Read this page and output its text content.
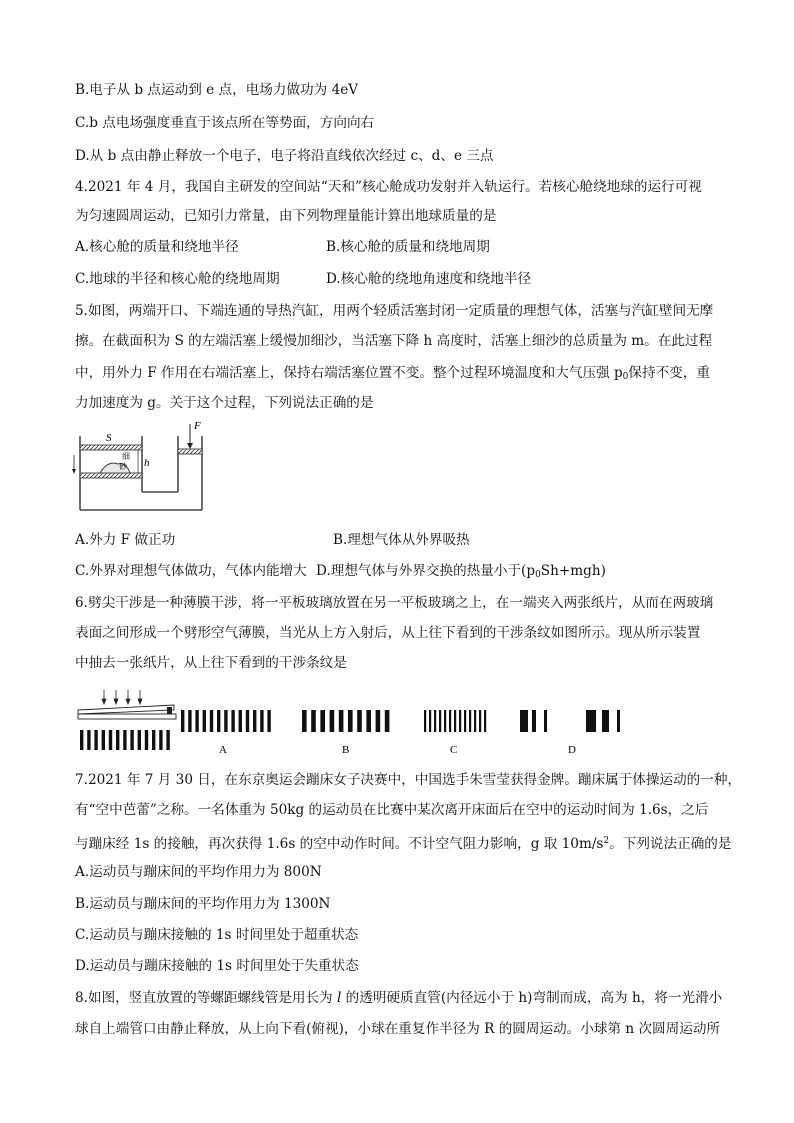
B.电子从 b 点运动到 e 点，电场力做功为 4eV
C.b 点电场强度垂直于该点所在等势面，方向向右
D.从 b 点由静止释放一个电子，电子将沿直线依次经过 c、d、e 三点
4.2021 年 4 月，我国自主研发的空间站“天和”核心舱成功发射并入轨运行。若核心舱绕地球的运行可视
为匀速圆周运动，已知引力常量，由下列物理量能计算出地球质量的是
A.核心舱的质量和绕地半径	B.核心舱的质量和绕地周期
C.地球的半径和核心舱的绕地周期	D.核心舱的绕地角速度和绕地半径
5.如图，两端开口、下端连通的导热汽缸，用两个轻质活塞封闭一定质量的理想气体，活塞与汽缸壁间无摩
擦。在截面积为 S 的左端活塞上缓慢加细沙，当活塞下降 h 高度时，活塞上细沙的总质量为 m。在此过程
中，用外力 F 作用在右端活塞上，保持右端活塞位置不变。整个过程环境温度和大气压强 $p_0$保持不变，重
力加速度为 g。关于这个过程，下列说法正确的是
F
S
h
细
砂
A.外力 F 做正功	B.理想气体从外界吸热
C.外界对理想气体做功，气体内能增大 D.理想气体与外界交换的热量小于$(p_0Sh+mgh)$
6.劈尖干涉是一种薄膜干涉，将一平板玻璃放置在另一平板玻璃之上，在一端夹入两张纸片，从而在两玻璃
表面之间形成一个劈形空气薄膜，当光从上方入射后，从上往下看到的干涉条纹如图所示。现从所示装置
中抽去一张纸片，从上往下看到的干涉条纹是
A	B	C	D
7.2021 年 7 月 30 日，在东京奥运会蹦床女子决赛中，中国选手朱雪莹获得金牌。蹦床属于体操运动的一种，
有“空中芭蕾”之称。一名体重为 50kg 的运动员在比赛中某次离开床面后在空中的运动时间为 1.6s，之后
与蹦床经 1s 的接触，再次获得 1.6s 的空中动作时间。不计空气阻力影响，g 取 $10m/s^2$。下列说法正确的是
A.运动员与蹦床间的平均作用力为 800N
B.运动员与蹦床间的平均作用力为 1300N
C.运动员与蹦床接触的 1s 时间里处于超重状态
D.运动员与蹦床接触的 1s 时间里处于失重状态
8.如图，竖直放置的等螺距螺线管是用长为 l 的透明硬质直管(内径远小于 h)弯制而成，高为 h，将一光滑小
球自上端管口由静止释放，从上向下看(俯视)，小球在重复作半径为 R 的圆周运动。小球第 n 次圆周运动所
